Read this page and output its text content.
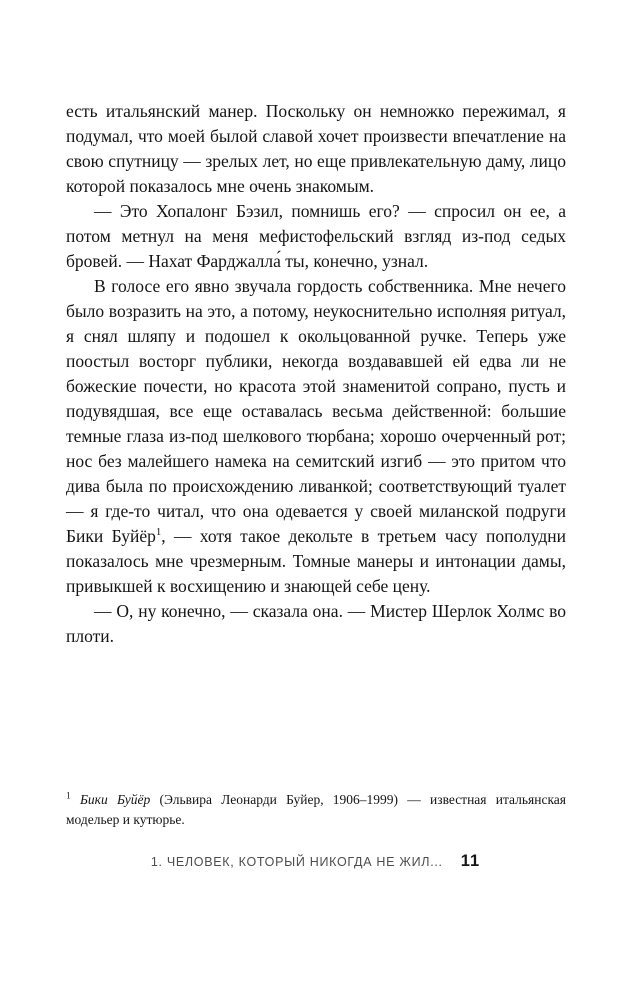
есть итальянский манер. Поскольку он немножко пережимал, я подумал, что моей былой славой хочет произвести впечатление на свою спутницу — зрелых лет, но еще привлекательную даму, лицо которой показалось мне очень знакомым.

— Это Хопалонг Бэзил, помнишь его? — спросил он ее, а потом метнул на меня мефистофельский взгляд из-под седых бровей. — Нахат Фарджалла́ ты, конечно, узнал.

В голосе его явно звучала гордость собственника. Мне нечего было возразить на это, а потому, неукоснительно исполняя ритуал, я снял шляпу и подошел к окольцованной ручке. Теперь уже поостыл восторг публики, некогда воздававшей ей едва ли не божеские почести, но красота этой знаменитой сопрано, пусть и подувядшая, все еще оставалась весьма действенной: большие темные глаза из-под шелкового тюрбана; хорошо очерченный рот; нос без малейшего намека на семитский изгиб — это притом что дива была по происхождению ливанкой; соответствующий туалет — я где-то читал, что она одевается у своей миланской подруги Бики Буйёр$^1$, — хотя такое декольте в третьем часу пополудни показалось мне чрезмерным. Томные манеры и интонации дамы, привыкшей к восхищению и знающей себе цену.

— О, ну конечно, — сказала она. — Мистер Шерлок Холмс во плоти.

$^1$ Бики Буйёр (Эльвира Леонарди Буйер, 1906–1999) — известная итальянская модельер и кутюрье.
1. ЧЕЛОВЕК, КОТОРЫЙ НИКОГДА НЕ ЖИЛ... 11
